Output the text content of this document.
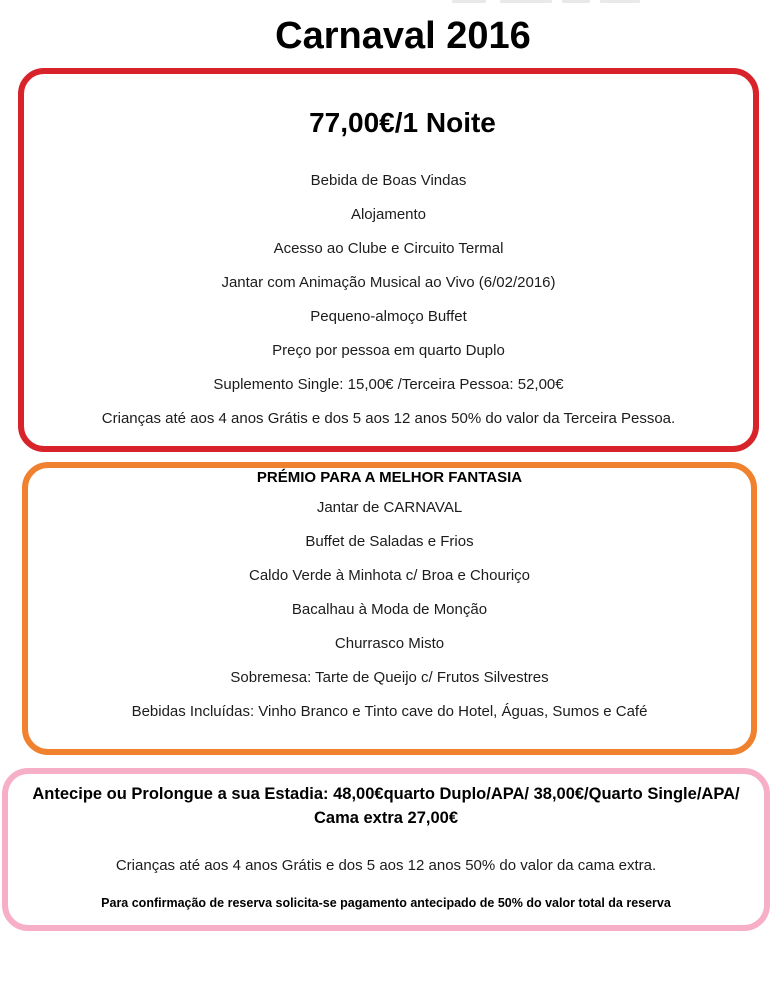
Carnaval 2016
77,00€/1 Noite
Bebida de Boas Vindas
Alojamento
Acesso ao Clube e Circuito Termal
Jantar com Animação Musical ao Vivo (6/02/2016)
Pequeno-almoço Buffet
Preço por pessoa em quarto Duplo
Suplemento Single: 15,00€ /Terceira Pessoa: 52,00€
Crianças até aos 4 anos Grátis e dos 5 aos 12 anos 50% do valor da Terceira Pessoa.
PRÉMIO PARA A MELHOR FANTASIA
Jantar de CARNAVAL
Buffet de Saladas e Frios
Caldo Verde à Minhota c/ Broa e Chouriço
Bacalhau à Moda de Monção
Churrasco Misto
Sobremesa: Tarte de Queijo c/ Frutos Silvestres
Bebidas Incluídas: Vinho Branco e Tinto cave do Hotel, Águas, Sumos e Café
Antecipe ou Prolongue a sua Estadia: 48,00€quarto Duplo/APA/ 38,00€/Quarto Single/APA/
Cama extra 27,00€
Crianças até aos 4 anos Grátis e dos 5 aos 12 anos 50% do valor da cama extra.
Para confirmação de reserva solicita-se pagamento antecipado de 50% do valor total da reserva
